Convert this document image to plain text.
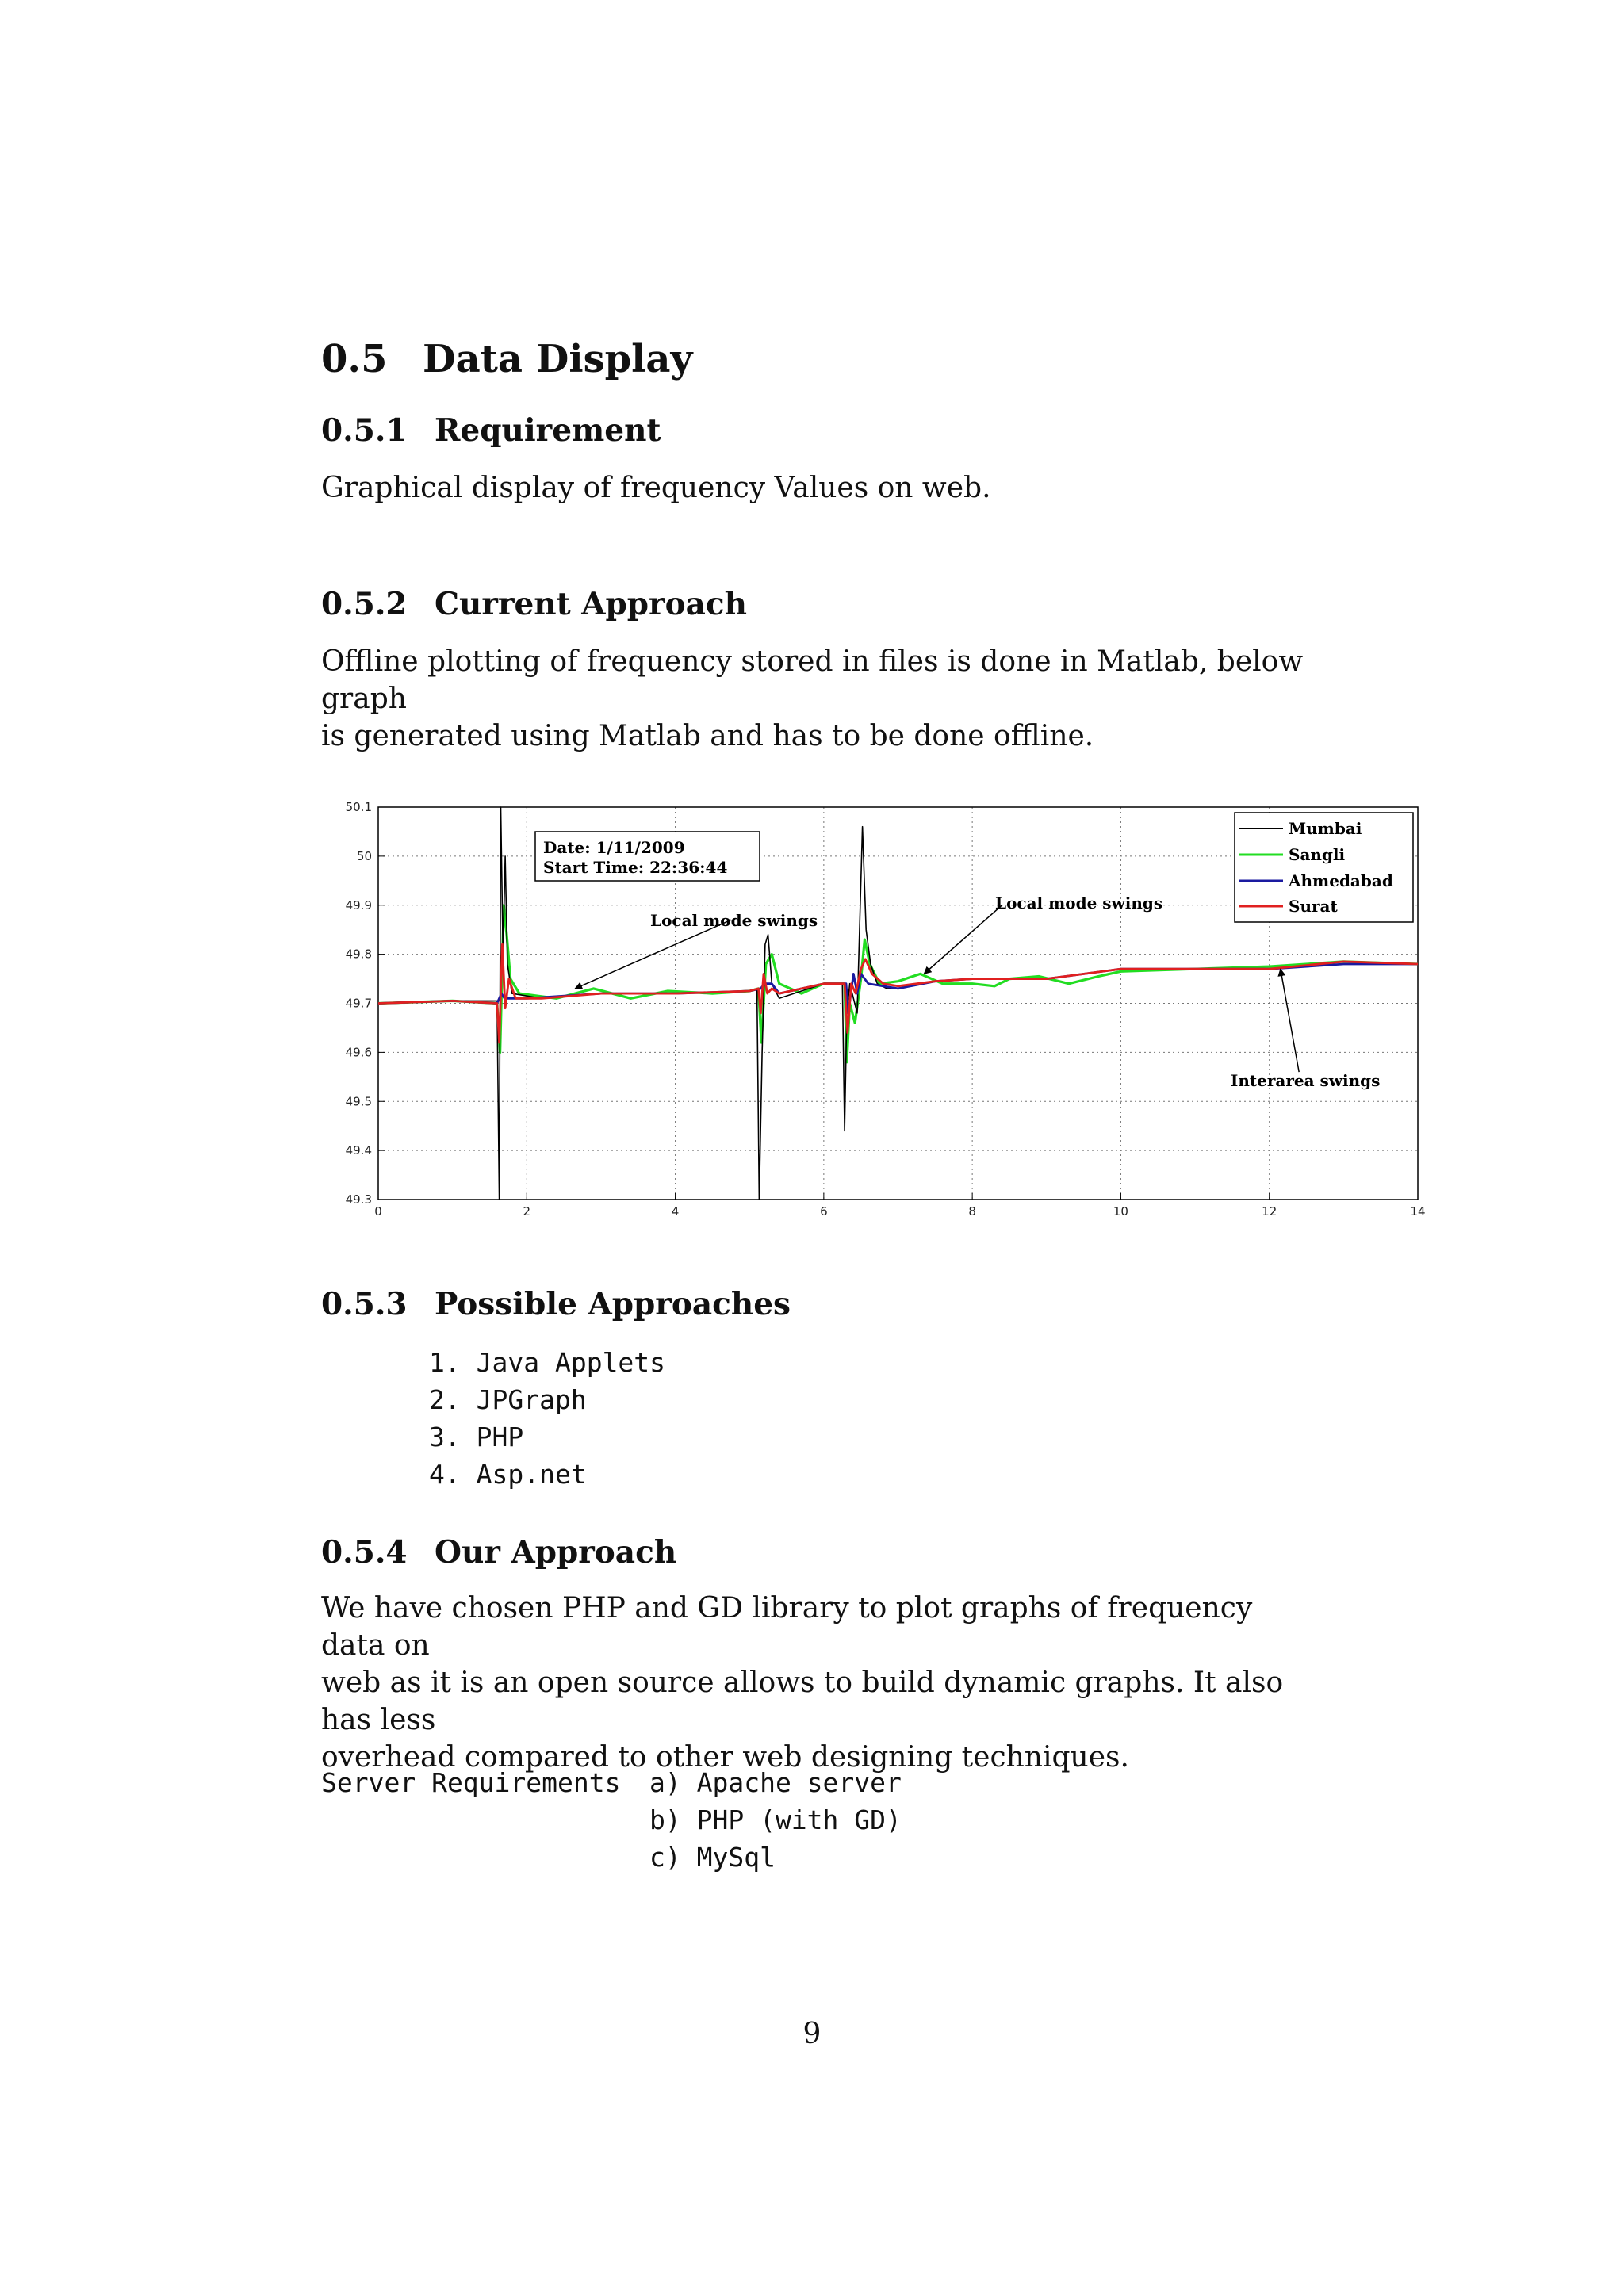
0.5 Data Display
0.5.1 Requirement

Graphical display of frequency Values on web.

0.5.2 Current Approach

Offline plotting of frequency stored in files is done in Matlab, below graph

is generated using Matlab and has to be done offline.

0	2	4	6	8	10	12	14
49.3
49.4
49.5
49.6
49.7
49.8
49.9
50
50.1
Local mode swings
Local mode swings
Interarea swings
Date: 1/11/2009
Start Time: 22:36:44
Mumbai
Sangli
Ahmedabad
Surat
0.5.3 Possible Approaches
1. Java Applets
2. JPGraph
3. PHP
4. Asp.net
0.5.4 Our Approach

We have chosen PHP and GD library to plot graphs of frequency data on

web as it is an open source allows to build dynamic graphs. It also has less

overhead compared to other web designing techniques.

Server Requirements a) Apache server
b) PHP (with GD)
c) MySql
9
